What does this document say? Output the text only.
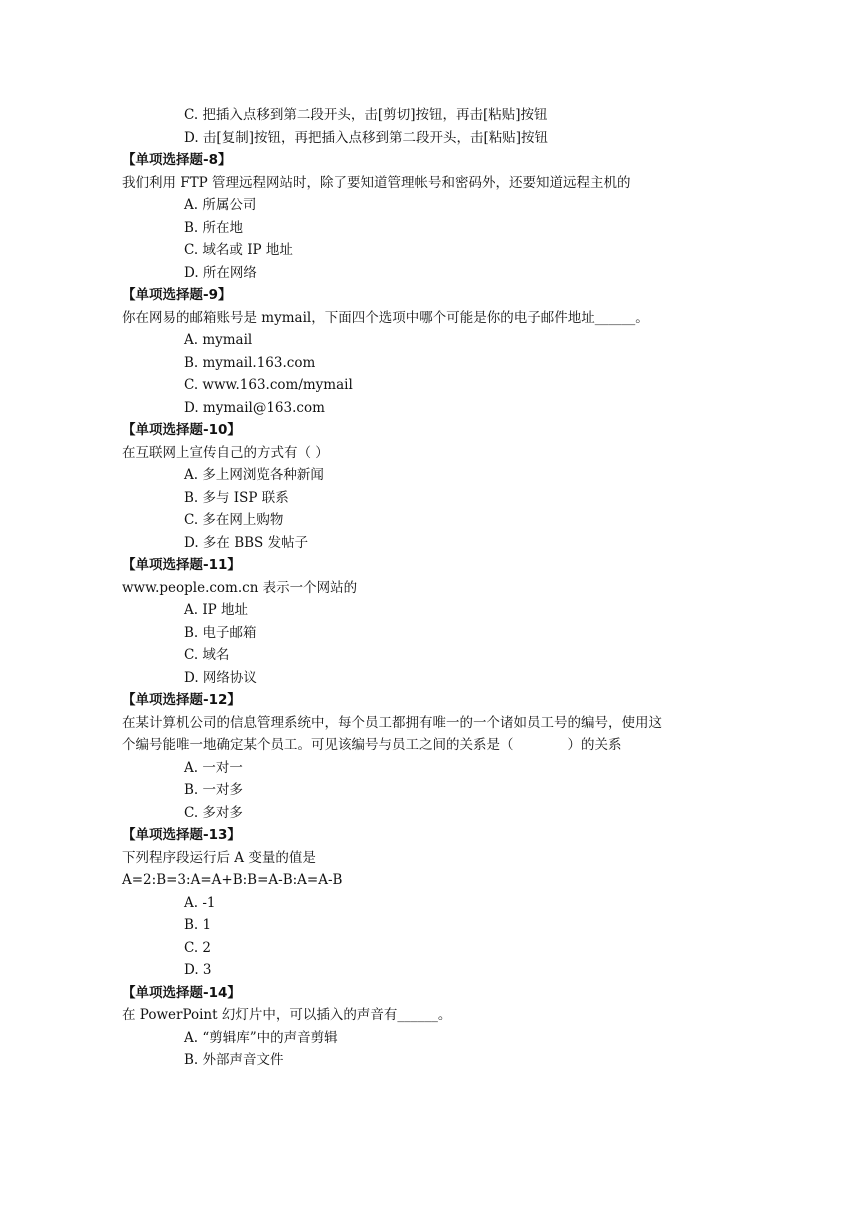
C. 把插入点移到第二段开头，击[剪切]按钮，再击[粘贴]按钮
D. 击[复制]按钮，再把插入点移到第二段开头，击[粘贴]按钮
【单项选择题-8】
我们利用 FTP 管理远程网站时，除了要知道管理帐号和密码外，还要知道远程主机的
A. 所属公司
B. 所在地
C. 域名或 IP 地址
D. 所在网络
【单项选择题-9】
你在网易的邮箱账号是 mymail，下面四个选项中哪个可能是你的电子邮件地址______。
A. mymail
B. mymail.163.com
C. www.163.com/mymail
D. mymail@163.com
【单项选择题-10】
在互联网上宣传自己的方式有（ ）
A. 多上网浏览各种新闻
B. 多与 ISP 联系
C. 多在网上购物
D. 多在 BBS 发帖子
【单项选择题-11】
www.people.com.cn 表示一个网站的
A. IP 地址
B. 电子邮箱
C. 域名
D. 网络协议
【单项选择题-12】
在某计算机公司的信息管理系统中，每个员工都拥有唯一的一个诸如员工号的编号，使用这
个编号能唯一地确定某个员工。可见该编号与员工之间的关系是（　　　　）的关系
A. 一对一
B. 一对多
C. 多对多
【单项选择题-13】
下列程序段运行后 A 变量的值是
A=2:B=3:A=A+B:B=A-B:A=A-B
A. -1
B. 1
C. 2
D. 3
【单项选择题-14】
在 PowerPoint 幻灯片中，可以插入的声音有______。
A. “剪辑库”中的声音剪辑
B. 外部声音文件
